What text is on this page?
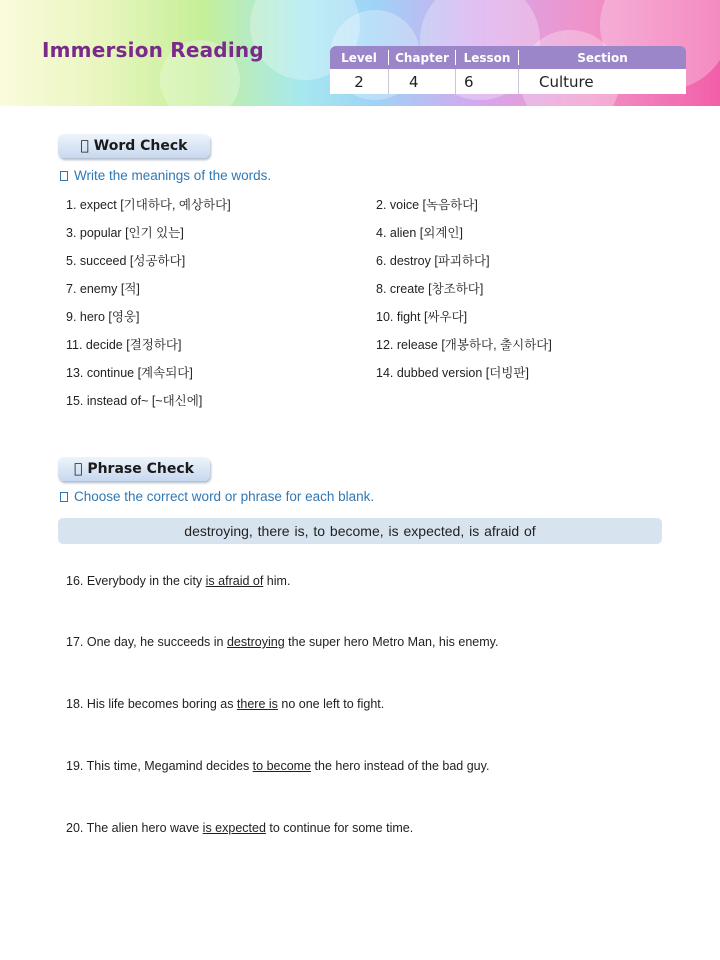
Immersion Reading	Level	Chapter	Lesson	Section
2	4	6	Culture
Word Check
Write the meanings of the words.
1. expect [기대하다, 예상하다]	2. voice [녹음하다]
3. popular [인기 있는]	4. alien [외계인]
5. succeed [성공하다]	6. destroy [파괴하다]
7. enemy [적]	8. create [창조하다]
9. hero [영웅]	10. fight [싸우다]
11. decide [결정하다]	12. release [개봉하다, 출시하다]
13. continue [계속되다]	14. dubbed version [더빙판]
15. instead of~ [~대신에]
Phrase Check
Choose the correct word or phrase for each blank.
destroying, there is, to become, is expected, is afraid of
16. Everybody in the city is afraid of him.
17. One day, he succeeds in destroying the super hero Metro Man, his enemy.
18. His life becomes boring as there is no one left to fight.
19. This time, Megamind decides to become the hero instead of the bad guy.
20. The alien hero wave is expected to continue for some time.
